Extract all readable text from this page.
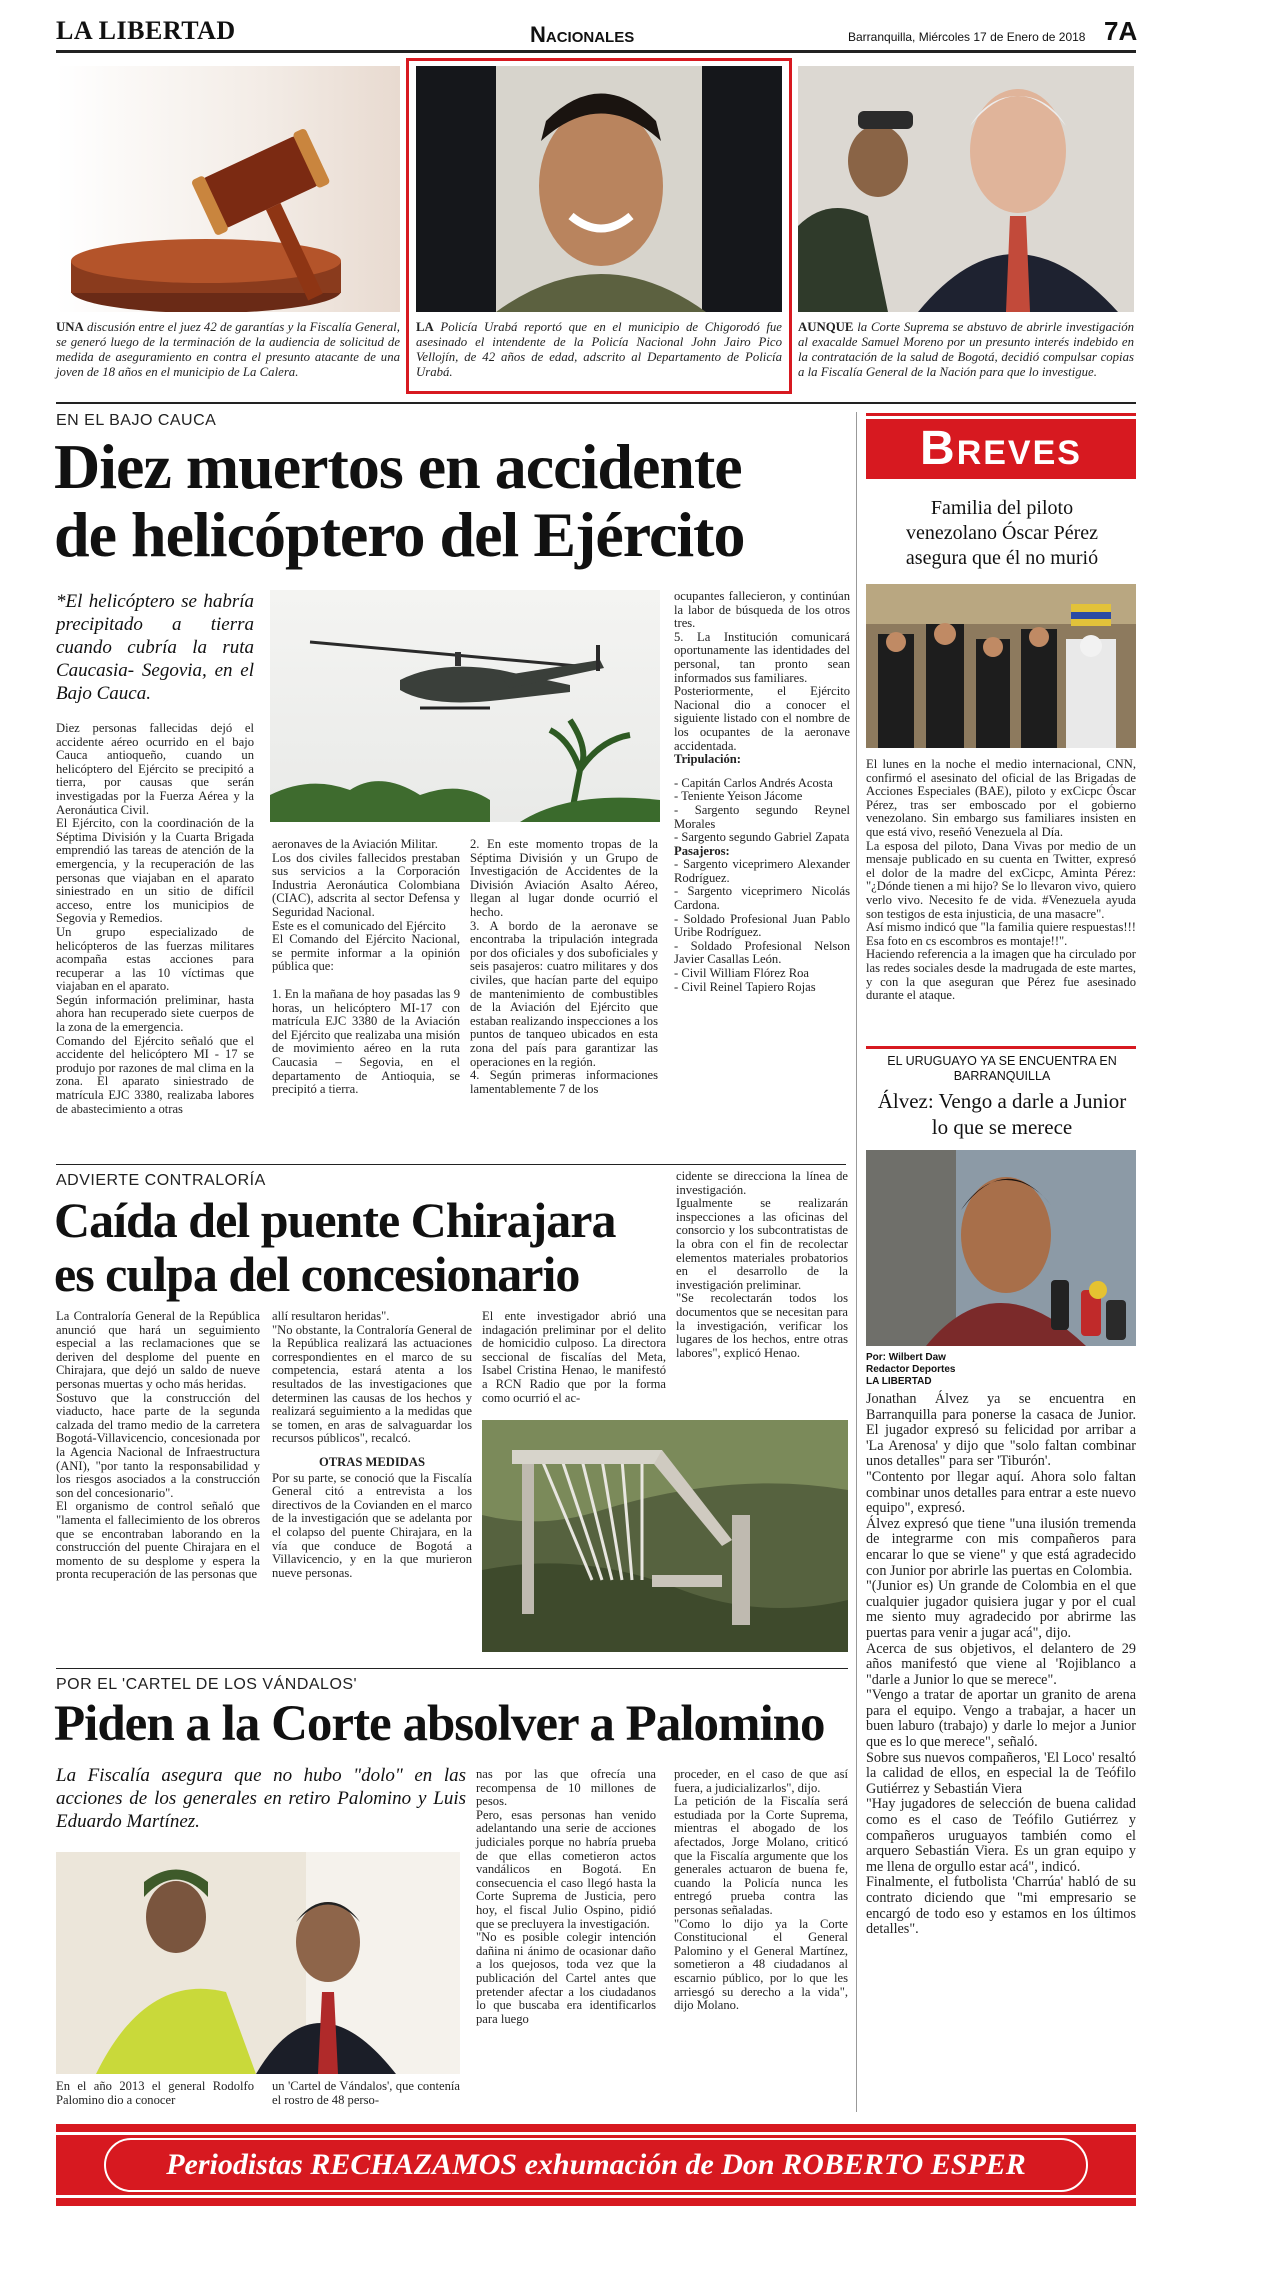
LA LIBERTAD	Nacionales	Barranquilla, Miércoles 17 de Enero de 2018 7A
UNA discusión entre el juez 42 de garantías y la Fiscalía General, se generó luego de la terminación de la audiencia de solicitud de medida de aseguramiento en contra el presunto atacante de una joven de 18 años en el municipio de La Calera.
LA Policía Urabá reportó que en el municipio de Chigorodó fue asesinado el intendente de la Policía Nacional John Jairo Pico Vellojín, de 42 años de edad, adscrito al Departamento de Policía Urabá.
AUNQUE la Corte Suprema se abstuvo de abrirle investigación al exacalde Samuel Moreno por un presunto interés indebido en la contratación de la salud de Bogotá, decidió compulsar copias a la Fiscalía General de la Nación para que lo investigue.
EN EL BAJO CAUCA
Diez muertos en accidente
de helicóptero del Ejército
*El helicóptero se habría precipitado a tierra cuando cubría la ruta Caucasia- Segovia, en el Bajo Cauca.

Diez personas fallecidas dejó el accidente aéreo ocurrido en el bajo Cauca antioqueño, cuando un helicóptero del Ejército se precipitó a tierra, por causas que serán investigadas por la Fuerza Aérea y la Aeronáutica Civil.

El Ejército, con la coordinación de la Séptima División y la Cuarta Brigada emprendió las tareas de atención de la emergencia, y la recuperación de las personas que viajaban en el aparato siniestrado en un sitio de difícil acceso, entre los municipios de Segovia y Remedios.

Un grupo especializado de helicópteros de las fuerzas militares acompaña estas acciones para recuperar a las 10 víctimas que viajaban en el aparato.

Según información preliminar, hasta ahora han recuperado siete cuerpos de la zona de la emergencia.

Comando del Ejército señaló que el accidente del helicóptero MI - 17 se produjo por razones de mal clima en la zona. El aparato siniestrado de matrícula EJC 3380, realizaba labores de abastecimiento a otras

aeronaves de la Aviación Militar.

Los dos civiles fallecidos prestaban sus servicios a la Corporación Industria Aeronáutica Colombiana (CIAC), adscrita al sector Defensa y Seguridad Nacional.

Este es el comunicado del Ejército

El Comando del Ejército Nacional, se permite informar a la opinión pública que:

1. En la mañana de hoy pasadas las 9 horas, un helicóptero MI-17 con matrícula EJC 3380 de la Aviación del Ejército que realizaba una misión de movimiento aéreo en la ruta Caucasia – Segovia, en el departamento de Antioquia, se precipitó a tierra.

2. En este momento tropas de la Séptima División y un Grupo de Investigación de Accidentes de la División Aviación Asalto Aéreo, llegan al lugar donde ocurrió el hecho.

3. A bordo de la aeronave se encontraba la tripulación integrada por dos oficiales y dos suboficiales y seis pasajeros: cuatro militares y dos civiles, que hacían parte del equipo de mantenimiento de combustibles de la Aviación del Ejército que estaban realizando inspecciones a los puntos de tanqueo ubicados en esta zona del país para garantizar las operaciones en la región.

4. Según primeras informaciones lamentablemente 7 de los

ocupantes fallecieron, y continúan la labor de búsqueda de los otros tres.

5. La Institución comunicará oportunamente las identidades del personal, tan pronto sean informados sus familiares.

Posteriormente, el Ejército Nacional dio a conocer el siguiente listado con el nombre de los ocupantes de la aeronave accidentada.

Tripulación:

- Capitán Carlos Andrés Acosta

- Teniente Yeison Jácome

- Sargento segundo Reynel Morales

- Sargento segundo Gabriel Zapata

Pasajeros:

- Sargento viceprimero Alexander Rodríguez.

- Sargento viceprimero Nicolás Cardona.

- Soldado Profesional Juan Pablo Uribe Rodríguez.

- Soldado Profesional Nelson Javier Casallas León.

- Civil William Flórez Roa

- Civil Reinel Tapiero Rojas

ADVIERTE CONTRALORÍA
Caída del puente Chirajara
es culpa del concesionario

La Contraloría General de la República anunció que hará un seguimiento especial a las reclamaciones que se deriven del desplome del puente en Chirajara, que dejó un saldo de nueve personas muertas y ocho más heridas.

Sostuvo que la construcción del viaducto, hace parte de la segunda calzada del tramo medio de la carretera Bogotá-Villavicencio, concesionada por la Agencia Nacional de Infraestructura (ANI), "por tanto la responsabilidad y los riesgos asociados a la construcción son del concesionario".

El organismo de control señaló que "lamenta el fallecimiento de los obreros que se encontraban laborando en la construcción del puente Chirajara en el momento de su desplome y espera la pronta recuperación de las personas que

allí resultaron heridas".

"No obstante, la Contraloría General de la República realizará las actuaciones correspondientes en el marco de su competencia, estará atenta a los resultados de las investigaciones que determinen las causas de los hechos y realizará seguimiento a la medidas que se tomen, en aras de salvaguardar los recursos públicos", recalcó.

OTRAS MEDIDAS

Por su parte, se conoció que la Fiscalía General citó a entrevista a los directivos de la Covianden en el marco de la investigación que se adelanta por el colapso del puente Chirajara, en la vía que conduce de Bogotá a Villavicencio, y en la que murieron nueve personas.

El ente investigador abrió una indagación preliminar por el delito de homicidio culposo. La directora seccional de fiscalías del Meta, Isabel Cristina Henao, le manifestó a RCN Radio que por la forma como ocurrió el ac-

cidente se direcciona la línea de investigación.

Igualmente se realizarán inspecciones a las oficinas del consorcio y los subcontratistas de la obra con el fin de recolectar elementos materiales probatorios en el desarrollo de la investigación preliminar.

"Se recolectarán todos los documentos que se necesitan para la investigación, verificar los lugares de los hechos, entre otras labores", explicó Henao.

POR EL 'CARTEL DE LOS VÁNDALOS'
Piden a la Corte absolver a Palomino
La Fiscalía asegura que no hubo "dolo" en las acciones de los generales en retiro Palomino y Luis Eduardo Martínez.

En el año 2013 el general Rodolfo Palomino dio a conocer

un 'Cartel de Vándalos', que contenía el rostro de 48 perso-

nas por las que ofrecía una recompensa de 10 millones de pesos.

Pero, esas personas han venido adelantando una serie de acciones judiciales porque no habría prueba de que ellas cometieron actos vandálicos en Bogotá. En consecuencia el caso llegó hasta la Corte Suprema de Justicia, pero hoy, el fiscal Julio Ospino, pidió que se precluyera la investigación.

"No es posible colegir intención dañina ni ánimo de ocasionar daño a los quejosos, toda vez que la publicación del Cartel antes que pretender afectar a los ciudadanos lo que buscaba era identificarlos para luego

proceder, en el caso de que así fuera, a judicializarlos", dijo.

La petición de la Fiscalía será estudiada por la Corte Suprema, mientras el abogado de los afectados, Jorge Molano, criticó que la Fiscalía argumente que los generales actuaron de buena fe, cuando la Policía nunca les entregó prueba contra las personas señaladas.

"Como lo dijo ya la Corte Constitucional el General Palomino y el General Martínez, sometieron a 48 ciudadanos al escarnio público, por lo que les arriesgó su derecho a la vida", dijo Molano.

Breves
Familia del piloto venezolano Óscar Pérez asegura que él no murió

El lunes en la noche el medio internacional, CNN, confirmó el asesinato del oficial de las Brigadas de Acciones Especiales (BAE), piloto y exCicpc Óscar Pérez, tras ser emboscado por el gobierno venezolano. Sin embargo sus familiares insisten en que está vivo, reseñó Venezuela al Día.

La esposa del piloto, Dana Vivas por medio de un mensaje publicado en su cuenta en Twitter, expresó el dolor de la madre del exCicpc, Aminta Pérez: "¿Dónde tienen a mi hijo? Se lo llevaron vivo, quiero verlo vivo. Necesito fe de vida. #Venezuela ayuda son testigos de esta injusticia, de una masacre".

Así mismo indicó que "la familia quiere respuestas!!! Esa foto en cs escombros es montaje!!".

Haciendo referencia a la imagen que ha circulado por las redes sociales desde la madrugada de este martes, y con la que aseguran que Pérez fue asesinado durante el ataque.

EL URUGUAYO YA SE ENCUENTRA EN BARRANQUILLA
Álvez: Vengo a darle a Junior lo que se merece
Por: Wilbert Daw
Redactor Deportes
LA LIBERTAD

Jonathan Álvez ya se encuentra en Barranquilla para ponerse la casaca de Junior. El jugador expresó su felicidad por arribar a 'La Arenosa' y dijo que "solo faltan combinar unos detalles" para ser 'Tiburón'.

"Contento por llegar aquí. Ahora solo faltan combinar unos detalles para entrar a este nuevo equipo", expresó.

Álvez expresó que tiene "una ilusión tremenda de integrarme con mis compañeros para encarar lo que se viene" y que está agradecido con Junior por abrirle las puertas en Colombia.

"(Junior es) Un grande de Colombia en el que cualquier jugador quisiera jugar y por el cual me siento muy agradecido por abrirme las puertas para venir a jugar acá", dijo.

Acerca de sus objetivos, el delantero de 29 años manifestó que viene al 'Rojiblanco a "darle a Junior lo que se merece".

"Vengo a tratar de aportar un granito de arena para el equipo. Vengo a trabajar, a hacer un buen laburo (trabajo) y darle lo mejor a Junior que es lo que merece", señaló.

Sobre sus nuevos compañeros, 'El Loco' resaltó la calidad de ellos, en especial la de Teófilo Gutiérrez y Sebastián Viera

"Hay jugadores de selección de buena calidad como es el caso de Teófilo Gutiérrez y compañeros uruguayos también como el arquero Sebastián Viera. Es un gran equipo y me llena de orgullo estar acá", indicó.

Finalmente, el futbolista 'Charrúa' habló de su contrato diciendo que "mi empresario se encargó de todo eso y estamos en los últimos detalles".

Periodistas RECHAZAMOS exhumación de Don ROBERTO ESPER
